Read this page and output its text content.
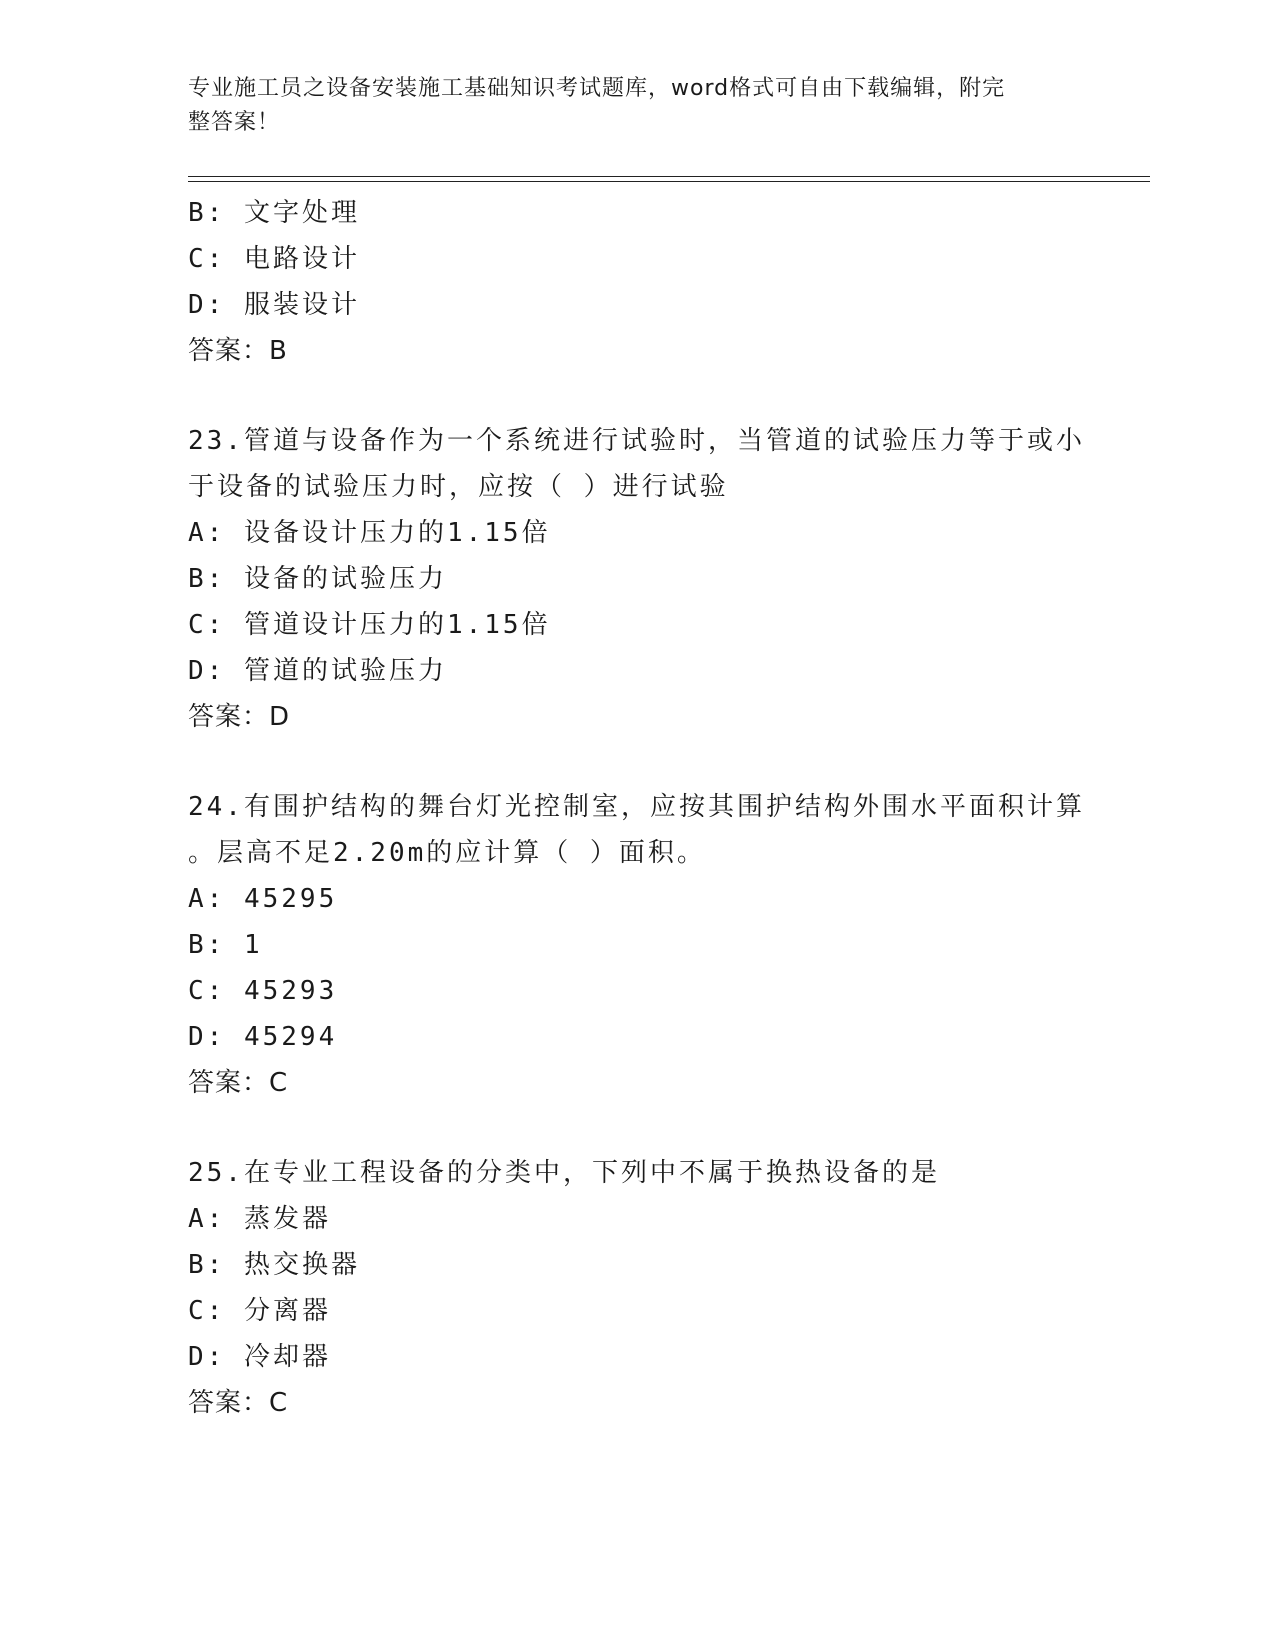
专业施工员之设备安装施工基础知识考试题库，word格式可自由下载编辑，附完
整答案！
B: 文字处理
C: 电路设计
D: 服装设计
答案：B
23.管道与设备作为一个系统进行试验时，当管道的试验压力等于或小
于设备的试验压力时，应按（ ）进行试验
A: 设备设计压力的1.15倍
B: 设备的试验压力
C: 管道设计压力的1.15倍
D: 管道的试验压力
答案：D
24.有围护结构的舞台灯光控制室，应按其围护结构外围水平面积计算
。层高不足2.20m的应计算（ ）面积。
A: 45295
B: 1
C: 45293
D: 45294
答案：C
25.在专业工程设备的分类中，下列中不属于换热设备的是
A: 蒸发器
B: 热交换器
C: 分离器
D: 冷却器
答案：C
